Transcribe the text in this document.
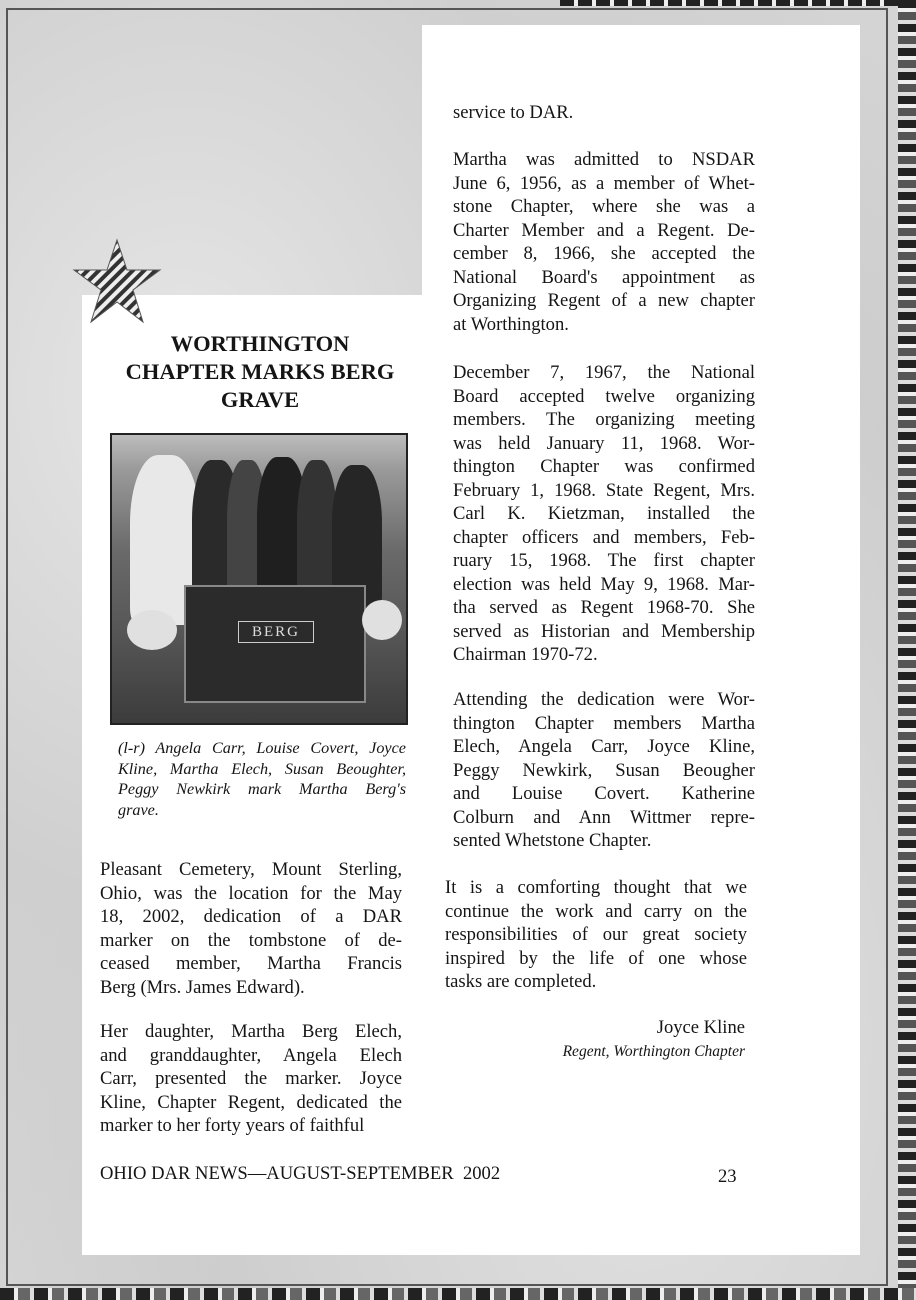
WORTHINGTON
CHAPTER MARKS BERG
GRAVE
BERG
(l-r) Angela Carr, Louise Covert, Joyce
Kline, Martha Elech, Susan Beoughter,
Peggy Newkirk mark Martha Berg's
grave.
Pleasant Cemetery, Mount Sterling,
Ohio, was the location for the May
18, 2002, dedication of a DAR
marker on the tombstone of de-
ceased member, Martha Francis
Berg (Mrs. James Edward).
Her daughter, Martha Berg Elech,
and granddaughter, Angela Elech
Carr, presented the marker. Joyce
Kline, Chapter Regent, dedicated the
marker to her forty years of faithful
service to DAR.
Martha was admitted to NSDAR
June 6, 1956, as a member of Whet-
stone Chapter, where she was a
Charter Member and a Regent. De-
cember 8, 1966, she accepted the
National Board's appointment as
Organizing Regent of a new chapter
at Worthington.
December 7, 1967, the National
Board accepted twelve organizing
members. The organizing meeting
was held January 11, 1968. Wor-
thington Chapter was confirmed
February 1, 1968. State Regent, Mrs.
Carl K. Kietzman, installed the
chapter officers and members, Feb-
ruary 15, 1968. The first chapter
election was held May 9, 1968. Mar-
tha served as Regent 1968-70. She
served as Historian and Membership
Chairman 1970-72.
Attending the dedication were Wor-
thington Chapter members Martha
Elech, Angela Carr, Joyce Kline,
Peggy Newkirk, Susan Beougher
and Louise Covert. Katherine
Colburn and Ann Wittmer repre-
sented Whetstone Chapter.
It is a comforting thought that we
continue the work and carry on the
responsibilities of our great society
inspired by the life of one whose
tasks are completed.
Joyce Kline
Regent, Worthington Chapter
OHIO DAR NEWS—AUGUST-SEPTEMBER  2002	23
